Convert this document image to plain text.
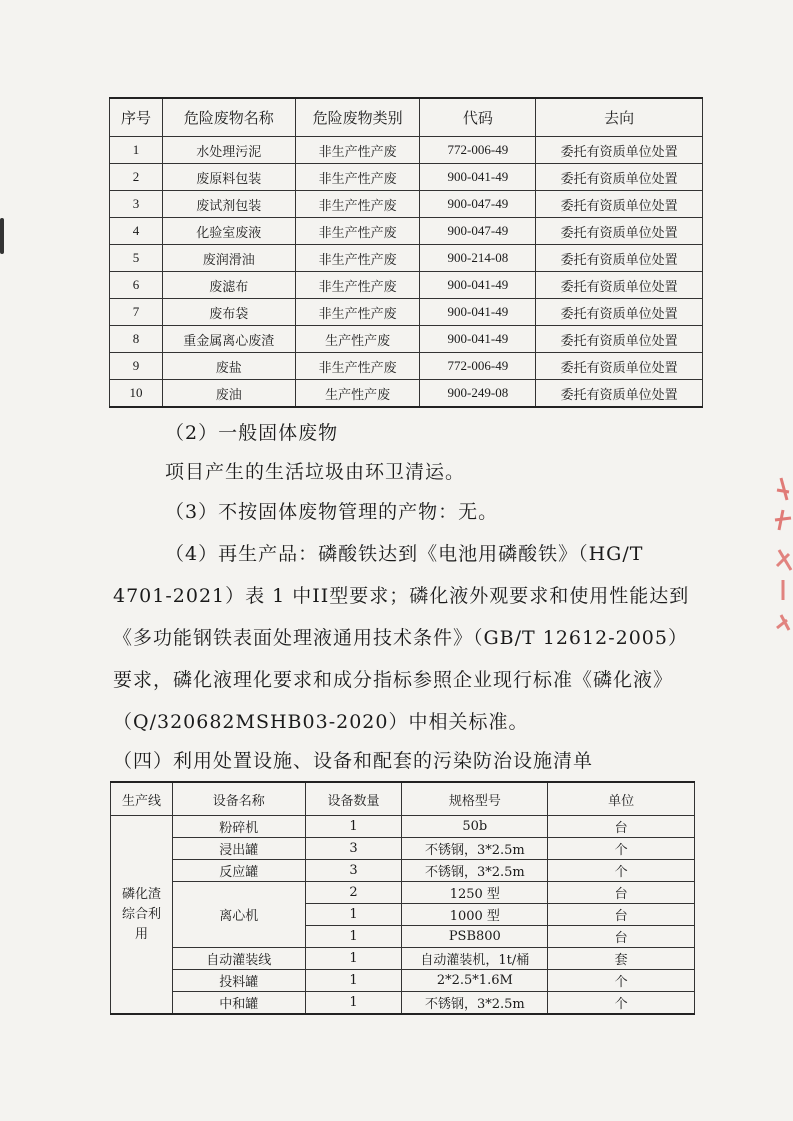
序号	危险废物名称	危险废物类别	代码	去向
1	水处理污泥	非生产性产废	772-006-49	委托有资质单位处置
2	废原料包装	非生产性产废	900-041-49	委托有资质单位处置
3	废试剂包装	非生产性产废	900-047-49	委托有资质单位处置
4	化验室废液	非生产性产废	900-047-49	委托有资质单位处置
5	废润滑油	非生产性产废	900-214-08	委托有资质单位处置
6	废滤布	非生产性产废	900-041-49	委托有资质单位处置
7	废布袋	非生产性产废	900-041-49	委托有资质单位处置
8	重金属离心废渣	生产性产废	900-041-49	委托有资质单位处置
9	废盐	非生产性产废	772-006-49	委托有资质单位处置
10	废油	生产性产废	900-249-08	委托有资质单位处置
（2）一般固体废物
项目产生的生活垃圾由环卫清运。
（3）不按固体废物管理的产物：无。
（4）再生产品：磷酸铁达到《电池用磷酸铁》（HG/T
4701-2021）表 1 中II型要求；磷化液外观要求和使用性能达到
《多功能钢铁表面处理液通用技术条件》（GB/T 12612-2005）
要求，磷化液理化要求和成分指标参照企业现行标准《磷化液》
（Q/320682MSHB03-2020）中相关标准。
（四）利用处置设施、设备和配套的污染防治设施清单
生产线	设备名称	设备数量	规格型号	单位
磷化渣综合利用	粉碎机	1	50b	台
	浸出罐	3	不锈钢，3*2.5m	个
	反应罐	3	不锈钢，3*2.5m	个
	离心机	2	1250 型	台
		1	1000 型	台
		1	PSB800	台
	自动灌装线	1	自动灌装机，1t/桶	套
	投料罐	1	2*2.5*1.6M	个
	中和罐	1	不锈钢，3*2.5m	个
